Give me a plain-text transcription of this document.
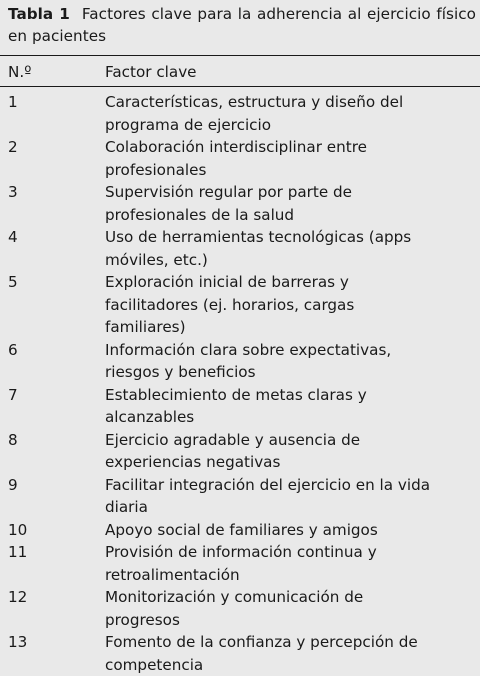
Tabla 1 Factores clave para la adherencia al ejercicio físico en pacientes
N.º	Factor clave
1	Características, estructura y diseño del
programa de ejercicio
2	Colaboración interdisciplinar entre
profesionales
3	Supervisión regular por parte de
profesionales de la salud
4	Uso de herramientas tecnológicas (apps
móviles, etc.)
5	Exploración inicial de barreras y
facilitadores (ej. horarios, cargas
familiares)
6	Información clara sobre expectativas,
riesgos y beneficios
7	Establecimiento de metas claras y
alcanzables
8	Ejercicio agradable y ausencia de
experiencias negativas
9	Facilitar integración del ejercicio en la vida
diaria
10	Apoyo social de familiares y amigos
11	Provisión de información continua y
retroalimentación
12	Monitorización y comunicación de progresos
13	Fomento de la confianza y percepción de
competencia
